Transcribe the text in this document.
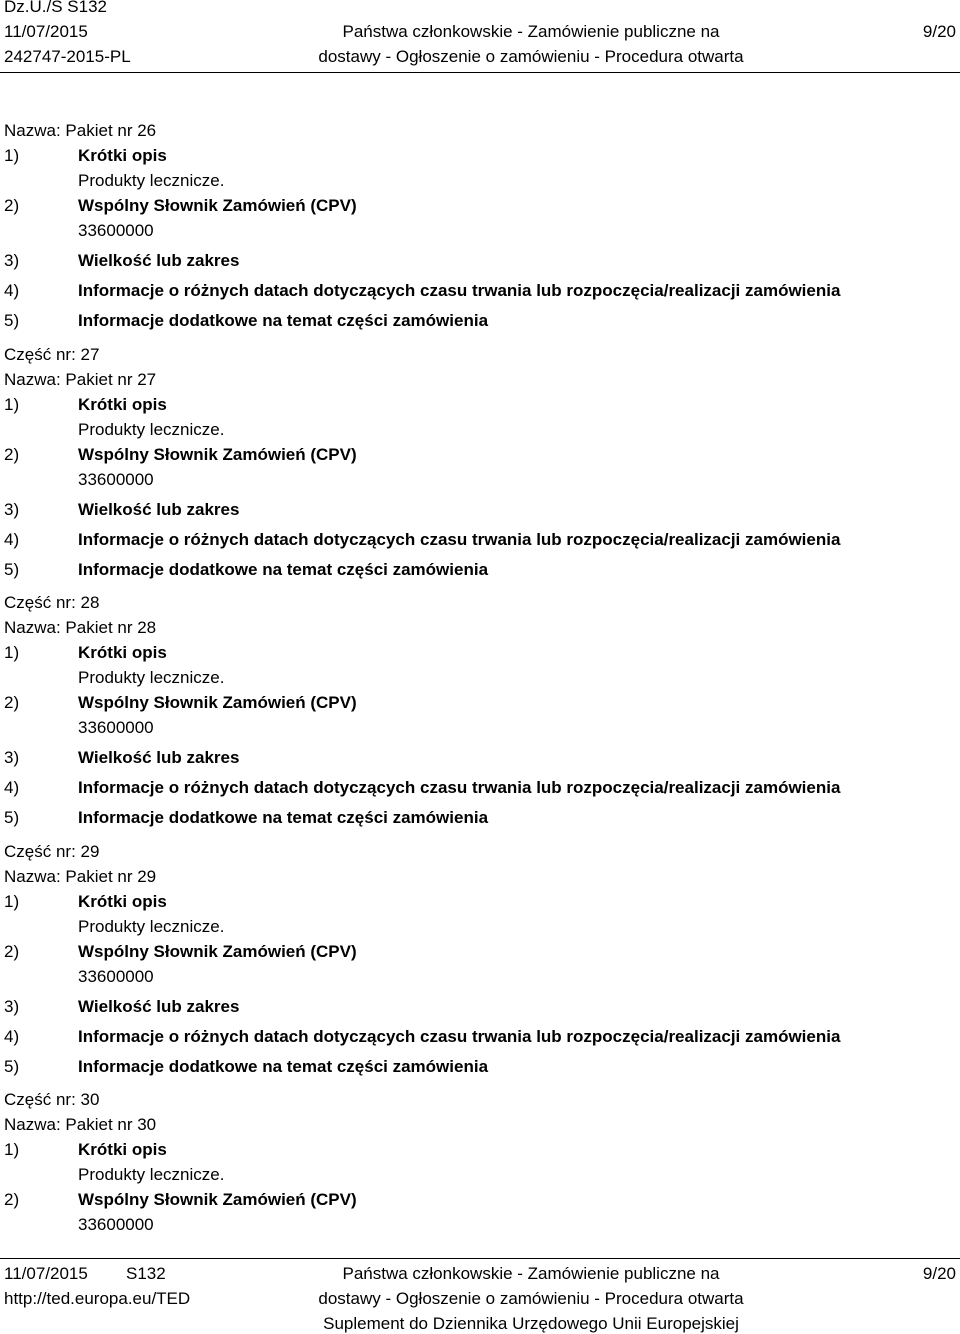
Dz.U./S S132
11/07/2015
242747-2015-PL
Państwa członkowskie - Zamówienie publiczne na
dostawy - Ogłoszenie o zamówieniu - Procedura otwarta
9/20
Nazwa: Pakiet nr 26
1)	Krótki opis
Produkty lecznicze.
2)	Wspólny Słownik Zamówień (CPV)
33600000
3)	Wielkość lub zakres
4)	Informacje o różnych datach dotyczących czasu trwania lub rozpoczęcia/realizacji zamówienia
5)	Informacje dodatkowe na temat części zamówienia
Część nr: 27
Nazwa: Pakiet nr 27
1)	Krótki opis
Produkty lecznicze.
2)	Wspólny Słownik Zamówień (CPV)
33600000
3)	Wielkość lub zakres
4)	Informacje o różnych datach dotyczących czasu trwania lub rozpoczęcia/realizacji zamówienia
5)	Informacje dodatkowe na temat części zamówienia
Część nr: 28
Nazwa: Pakiet nr 28
1)	Krótki opis
Produkty lecznicze.
2)	Wspólny Słownik Zamówień (CPV)
33600000
3)	Wielkość lub zakres
4)	Informacje o różnych datach dotyczących czasu trwania lub rozpoczęcia/realizacji zamówienia
5)	Informacje dodatkowe na temat części zamówienia
Część nr: 29
Nazwa: Pakiet nr 29
1)	Krótki opis
Produkty lecznicze.
2)	Wspólny Słownik Zamówień (CPV)
33600000
3)	Wielkość lub zakres
4)	Informacje o różnych datach dotyczących czasu trwania lub rozpoczęcia/realizacji zamówienia
5)	Informacje dodatkowe na temat części zamówienia
Część nr: 30
Nazwa: Pakiet nr 30
1)	Krótki opis
Produkty lecznicze.
2)	Wspólny Słownik Zamówień (CPV)
33600000
11/07/2015 S132
http://ted.europa.eu/TED
Państwa członkowskie - Zamówienie publiczne na
dostawy - Ogłoszenie o zamówieniu - Procedura otwarta
Suplement do Dziennika Urzędowego Unii Europejskiej
9/20
